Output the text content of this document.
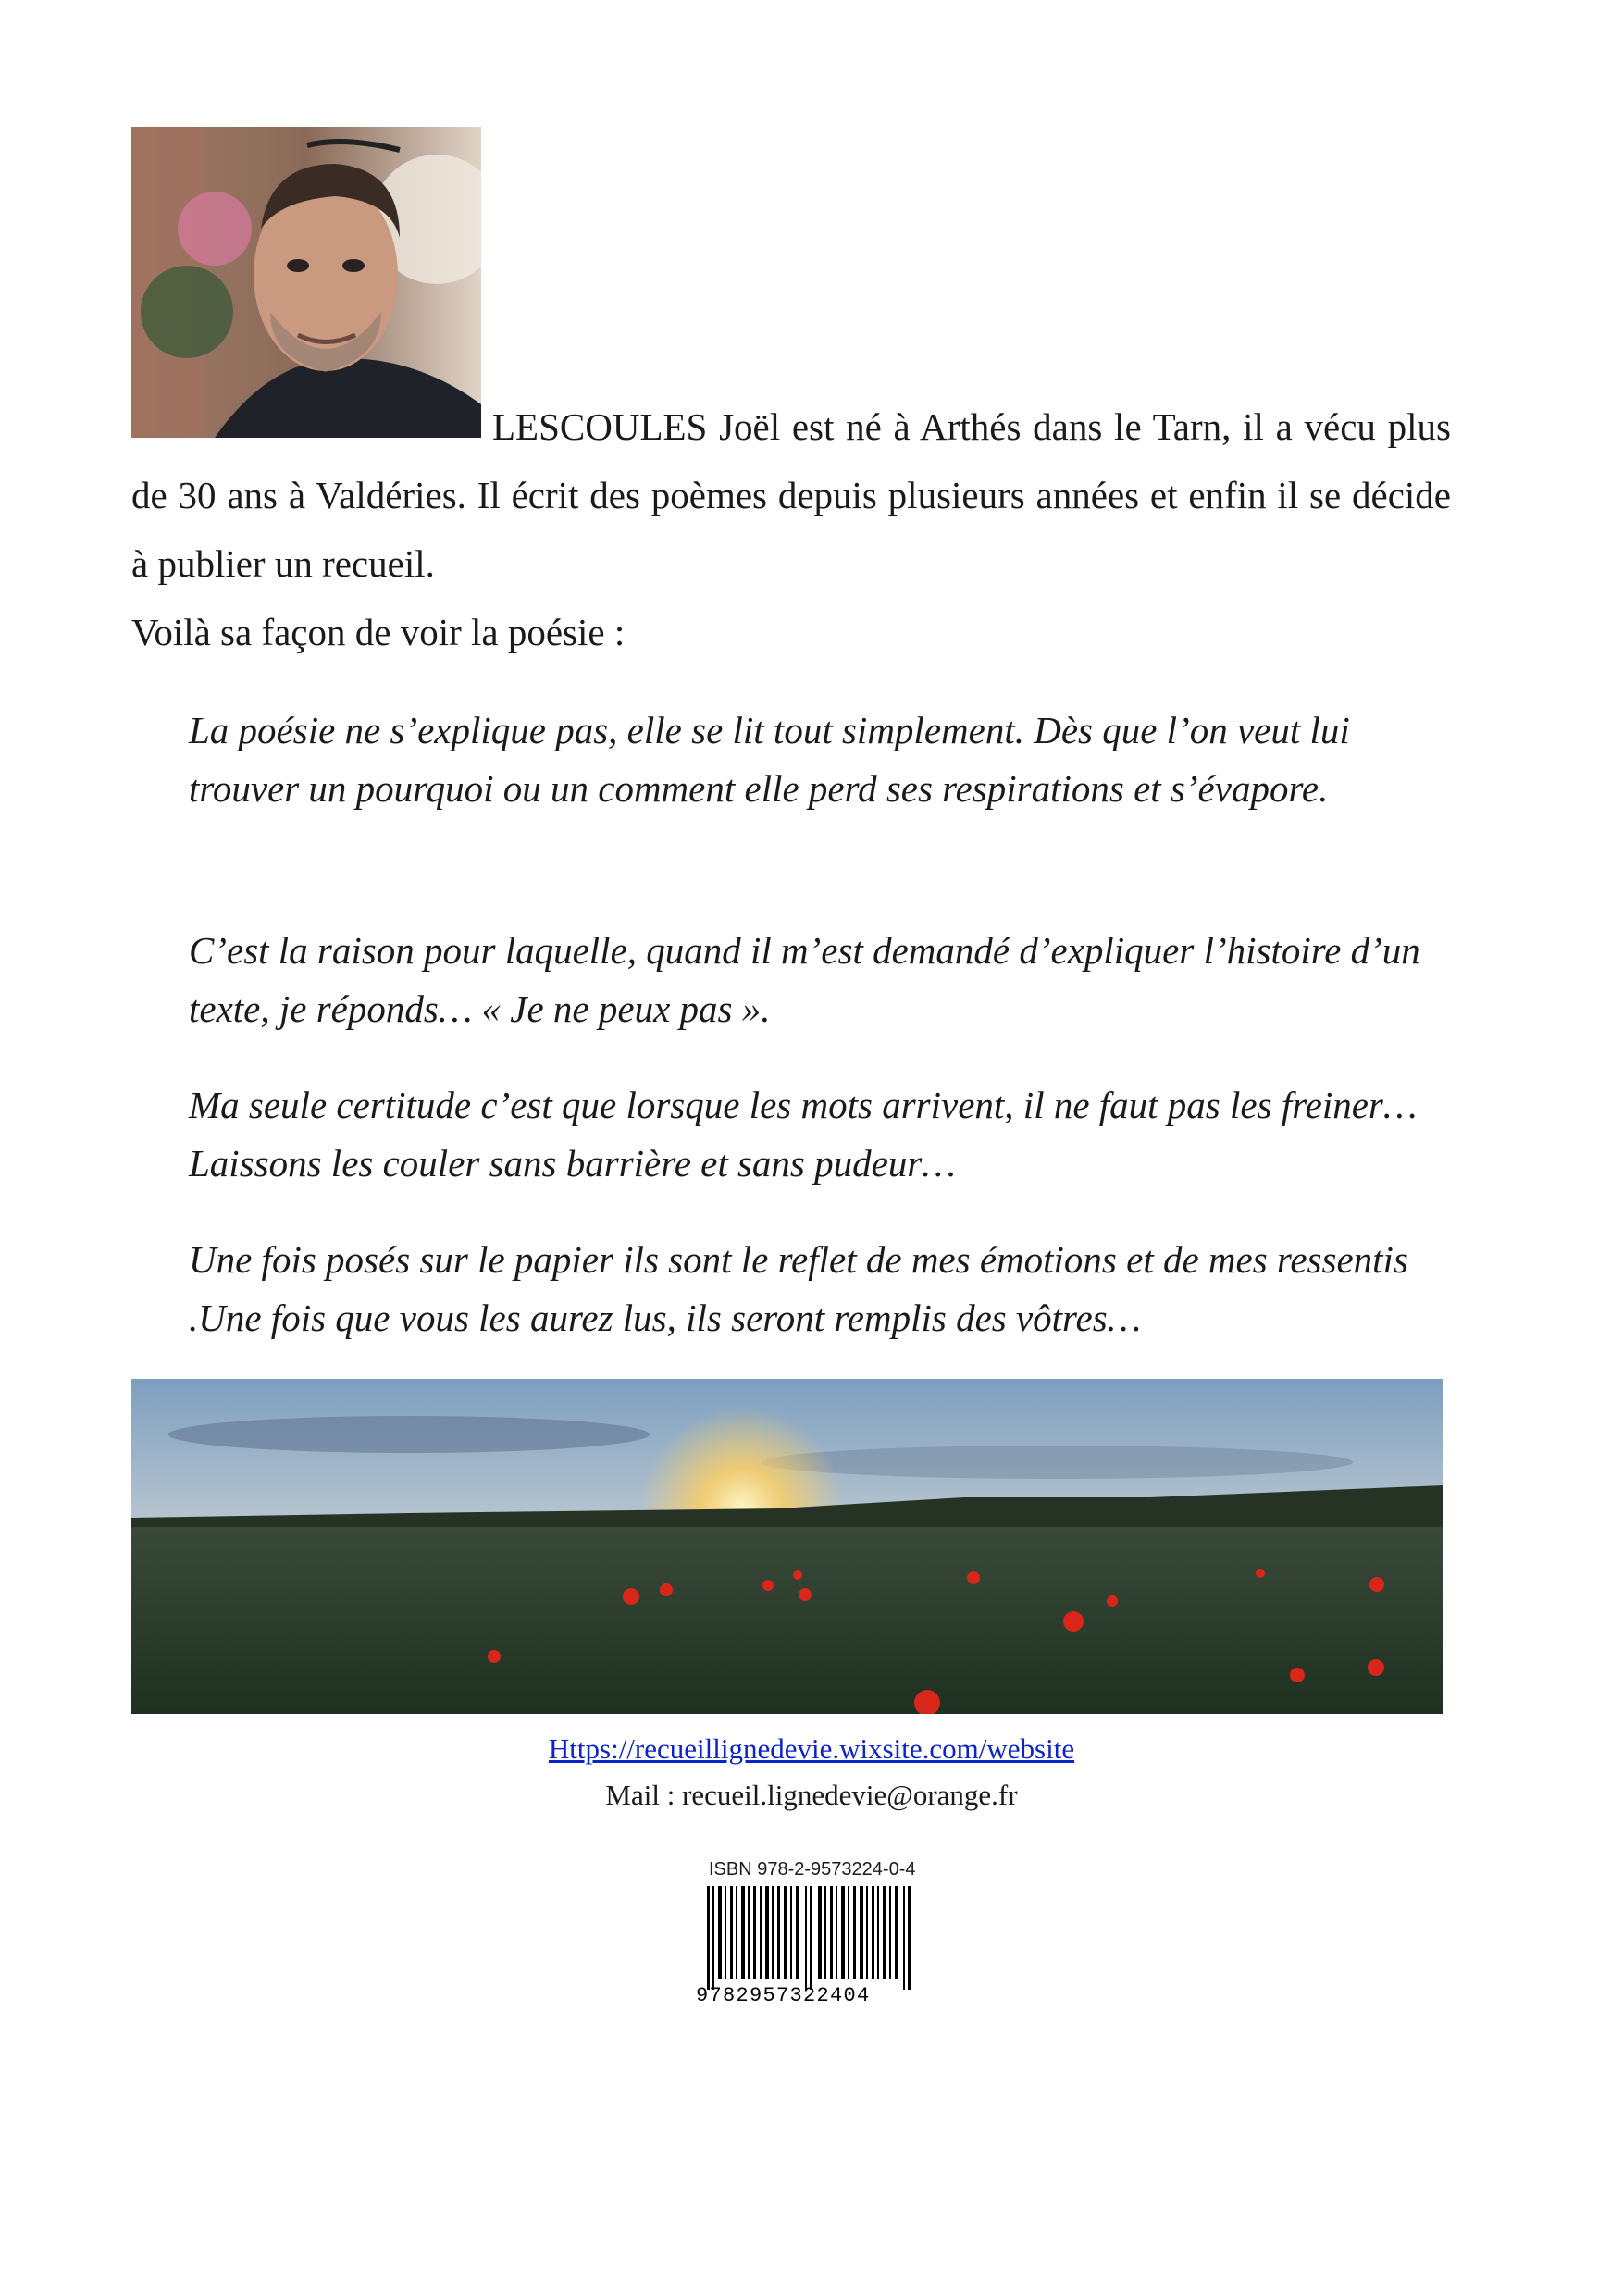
LESCOULES Joël est né à Arthés dans le Tarn, il a vécu plus de 30 ans à Valdéries. Il écrit des poèmes depuis plusieurs années et enfin il se décide à publier un recueil.

Voilà sa façon de voir la poésie :

La poésie ne s’explique pas, elle se lit tout simplement. Dès que l’on veut lui trouver un pourquoi ou un comment elle perd ses respirations et s’évapore.

C’est la raison pour laquelle, quand il m’est demandé d’expliquer l’histoire d’un texte, je réponds… « Je ne peux pas ».

Ma seule certitude c’est que lorsque les mots arrivent, il ne faut pas les freiner…Laissons les couler sans barrière et sans pudeur…

Une fois posés sur le papier ils sont le reflet de mes émotions et de mes ressentis .Une fois que vous les aurez lus, ils seront remplis des vôtres…

Https://recueillignedevie.wixsite.com/website
Mail : recueil.lignedevie@orange.fr
ISBN 978-2-9573224-0-4
9782957322404
